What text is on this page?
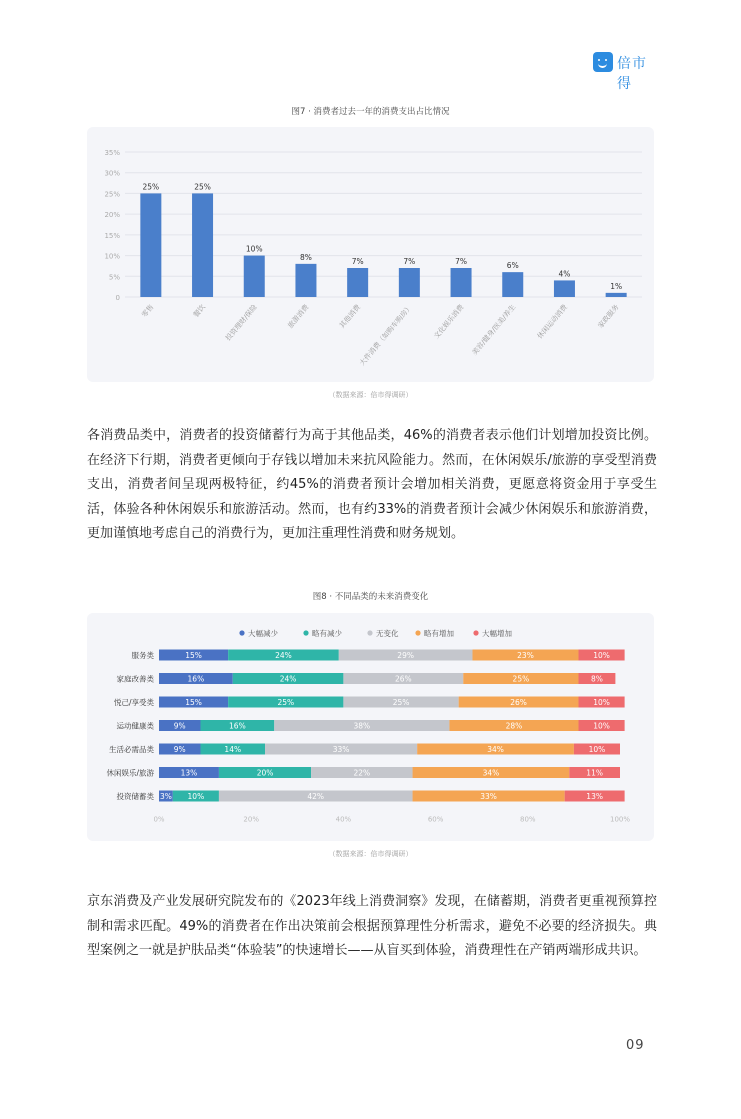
倍市得
图7 · 消费者过去一年的消费支出占比情况
0
5%
10%
15%
20%
25%
30%
35%
25%
零售
25%
餐饮
10%
投资理财/保险
8%
旅游消费
7%
其他消费
7%
大件消费（如购车购房）
7%
文化娱乐消费
6%
美容/健身/医美/养生
4%
休闲运动消费
1%
家政服务
（数据来源：倍市得调研）
各消费品类中，消费者的投资储蓄行为高于其他品类，46%的消费者表示他们计划增加投资比例。在经济下行期，消费者更倾向于存钱以增加未来抗风险能力。然而，在休闲娱乐/旅游的享受型消费支出，消费者间呈现两极特征，约45%的消费者预计会增加相关消费，更愿意将资金用于享受生活，体验各种休闲娱乐和旅游活动。然而，也有约33%的消费者预计会减少休闲娱乐和旅游消费，更加谨慎地考虑自己的消费行为，更加注重理性消费和财务规划。
图8 · 不同品类的未来消费变化
大幅减少	略有减少	无变化	略有增加	大幅增加
服务类	15%	24%	29%	23%	10%
家庭改善类	16%	24%	26%	25%	8%
悦己/享受类	15%	25%	25%	26%	10%
运动健康类	9%	16%	38%	28%	10%
生活必需品类	9%	14%	33%	34%	10%
休闲娱乐/旅游	13%	20%	22%	34%	11%
投资储蓄类 3% 10%	42%	33%	13%
0%	20%	40%	60%	80%	100%
（数据来源：倍市得调研）
京东消费及产业发展研究院发布的《2023年线上消费洞察》发现，在储蓄期，消费者更重视预算控制和需求匹配。49%的消费者在作出决策前会根据预算理性分析需求，避免不必要的经济损失。典型案例之一就是护肤品类“体验装”的快速增长——从盲买到体验，消费理性在产销两端形成共识。
09
